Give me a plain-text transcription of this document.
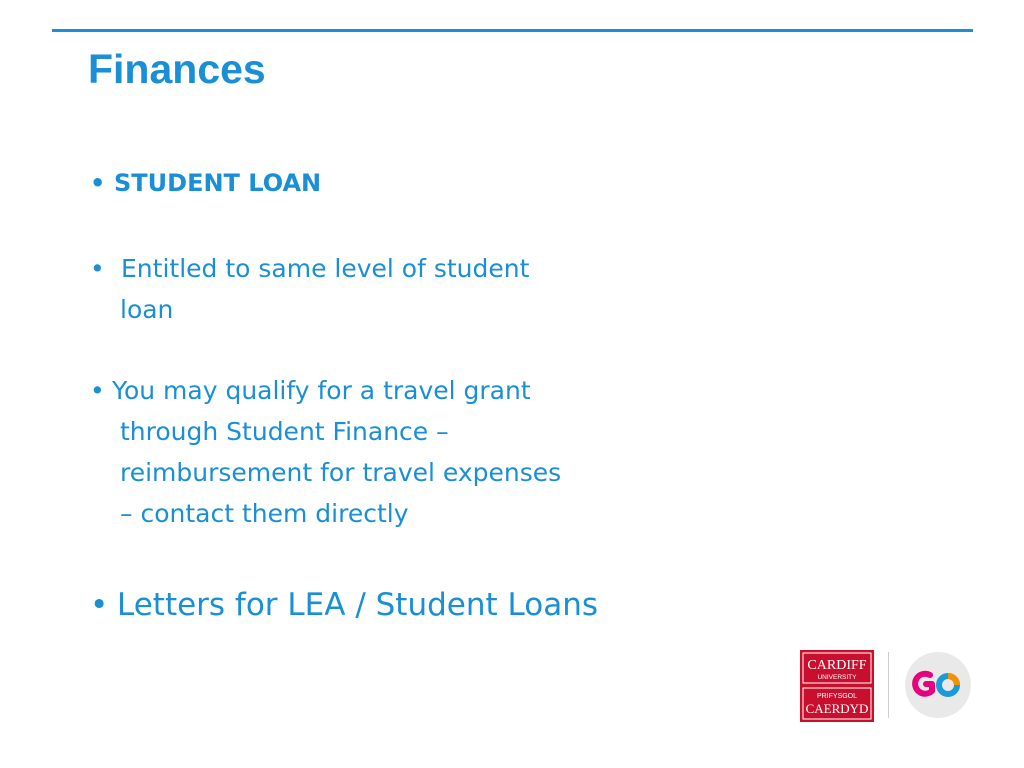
Finances
• STUDENT LOAN
• Entitled to same level of student
loan
• You may qualify for a travel grant
through Student Finance –
reimbursement for travel expenses
– contact them directly
• Letters for LEA / Student Loans
CARDIFF
UNIVERSITY
PRIFYSGOL
CAERDYD
